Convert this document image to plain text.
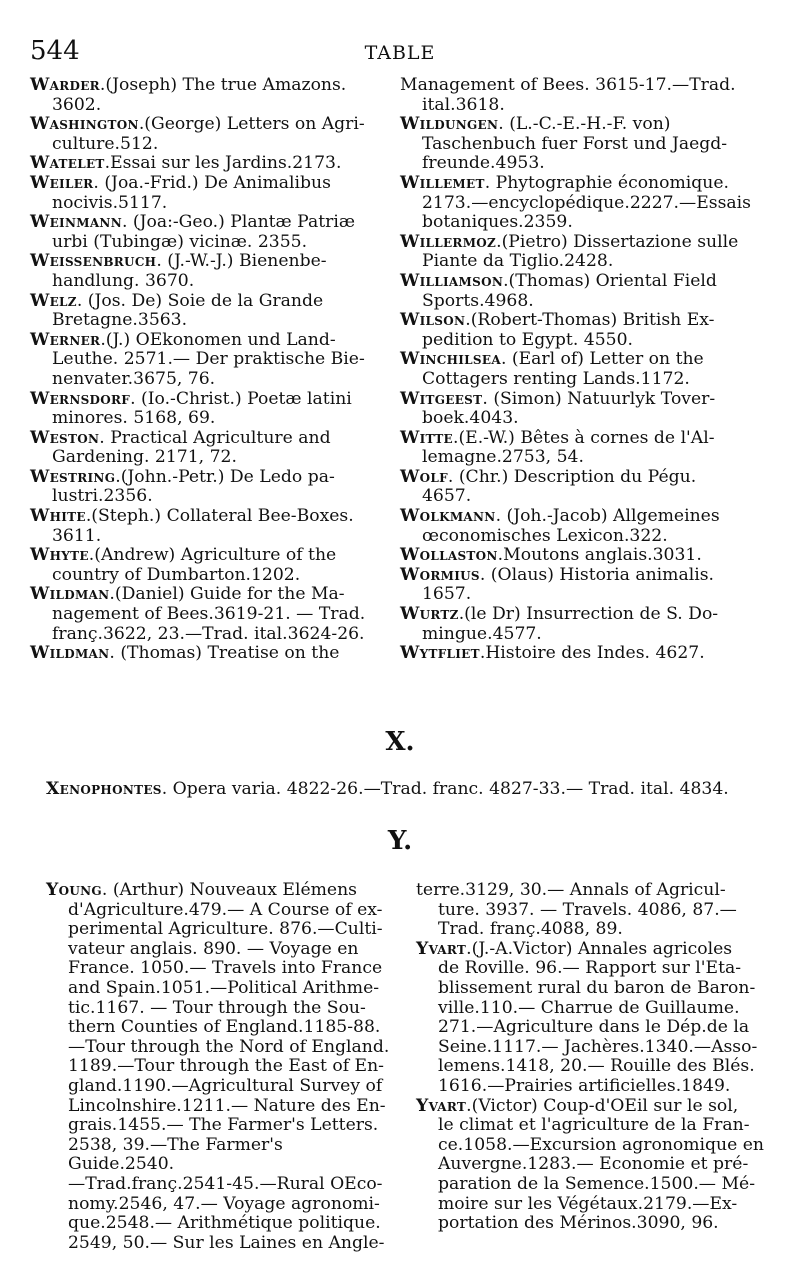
544	TABLE
Warder.(Joseph) The true Amazons.
3602.
Washington.(George) Letters on Agri-
culture.512.
Watelet.Essai sur les Jardins.2173.
Weiler. (Joa.-Frid.) De Animalibus
nocivis.5117.
Weinmann. (Joa:-Geo.) Plantæ Patriæ
urbi (Tubingæ) vicinæ. 2355.
Weissenbruch. (J.-W.-J.) Bienenbe-
handlung. 3670.
Welz. (Jos. De) Soie de la Grande
Bretagne.3563.
Werner.(J.) OEkonomen und Land-
Leuthe. 2571.— Der praktische Bie-
nenvater.3675, 76.
Wernsdorf. (Io.-Christ.) Poetæ latini
minores. 5168, 69.
Weston. Practical Agriculture and
Gardening. 2171, 72.
Westring.(John.-Petr.) De Ledo pa-
lustri.2356.
White.(Steph.) Collateral Bee-Boxes.
3611.
Whyte.(Andrew) Agriculture of the
country of Dumbarton.1202.
Wildman.(Daniel) Guide for the Ma-
nagement of Bees.3619-21. — Trad.
franç.3622, 23.—Trad. ital.3624-26.
Wildman. (Thomas) Treatise on the
Management of Bees. 3615-17.—Trad.
ital.3618.
Wildungen. (L.-C.-E.-H.-F. von)
Taschenbuch fuer Forst und Jaegd-
freunde.4953.
Willemet. Phytographie économique.
2173.—encyclopédique.2227.—Essais
botaniques.2359.
Willermoz.(Pietro) Dissertazione sulle
Piante da Tiglio.2428.
Williamson.(Thomas) Oriental Field
Sports.4968.
Wilson.(Robert-Thomas) British Ex-
pedition to Egypt. 4550.
Winchilsea. (Earl of) Letter on the
Cottagers renting Lands.1172.
Witgeest. (Simon) Natuurlyk Tover-
boek.4043.
Witte.(E.-W.) Bêtes à cornes de l'Al-
lemagne.2753, 54.
Wolf. (Chr.) Description du Pégu.
4657.
Wolkmann. (Joh.-Jacob) Allgemeines
œconomisches Lexicon.322.
Wollaston.Moutons anglais.3031.
Wormius. (Olaus) Historia animalis.
1657.
Wurtz.(le Dr) Insurrection de S. Do-
mingue.4577.
Wytfliet.Histoire des Indes. 4627.
X.
Xenophontes. Opera varia. 4822-26.—Trad. franc. 4827-33.— Trad. ital. 4834.
Y.
Young. (Arthur) Nouveaux Elémens
d'Agriculture.479.— A Course of ex-
perimental Agriculture. 876.—Culti-
vateur anglais. 890. — Voyage en
France. 1050.— Travels into France
and Spain.1051.—Political Arithme-
tic.1167. — Tour through the Sou-
thern Counties of England.1185-88.
—Tour through the Nord of England.
1189.—Tour through the East of En-
gland.1190.—Agricultural Survey of
Lincolnshire.1211.— Nature des En-
grais.1455.— The Farmer's Letters.
2538, 39.—The Farmer's Guide.2540.
—Trad.franç.2541-45.—Rural OEco-
nomy.2546, 47.— Voyage agronomi-
que.2548.— Arithmétique politique.
2549, 50.— Sur les Laines en Angle-
terre.3129, 30.— Annals of Agricul-
ture. 3937. — Travels. 4086, 87.—
Trad. franç.4088, 89.
Yvart.(J.-A.Victor) Annales agricoles
de Roville. 96.— Rapport sur l'Eta-
blissement rural du baron de Baron-
ville.110.— Charrue de Guillaume.
271.—Agriculture dans le Dép.de la
Seine.1117.— Jachères.1340.—Asso-
lemens.1418, 20.— Rouille des Blés.
1616.—Prairies artificielles.1849.
Yvart.(Victor) Coup-d'OEil sur le sol,
le climat et l'agriculture de la Fran-
ce.1058.—Excursion agronomique en
Auvergne.1283.— Economie et pré-
paration de la Semence.1500.— Mé-
moire sur les Végétaux.2179.—Ex-
portation des Mérinos.3090, 96.
